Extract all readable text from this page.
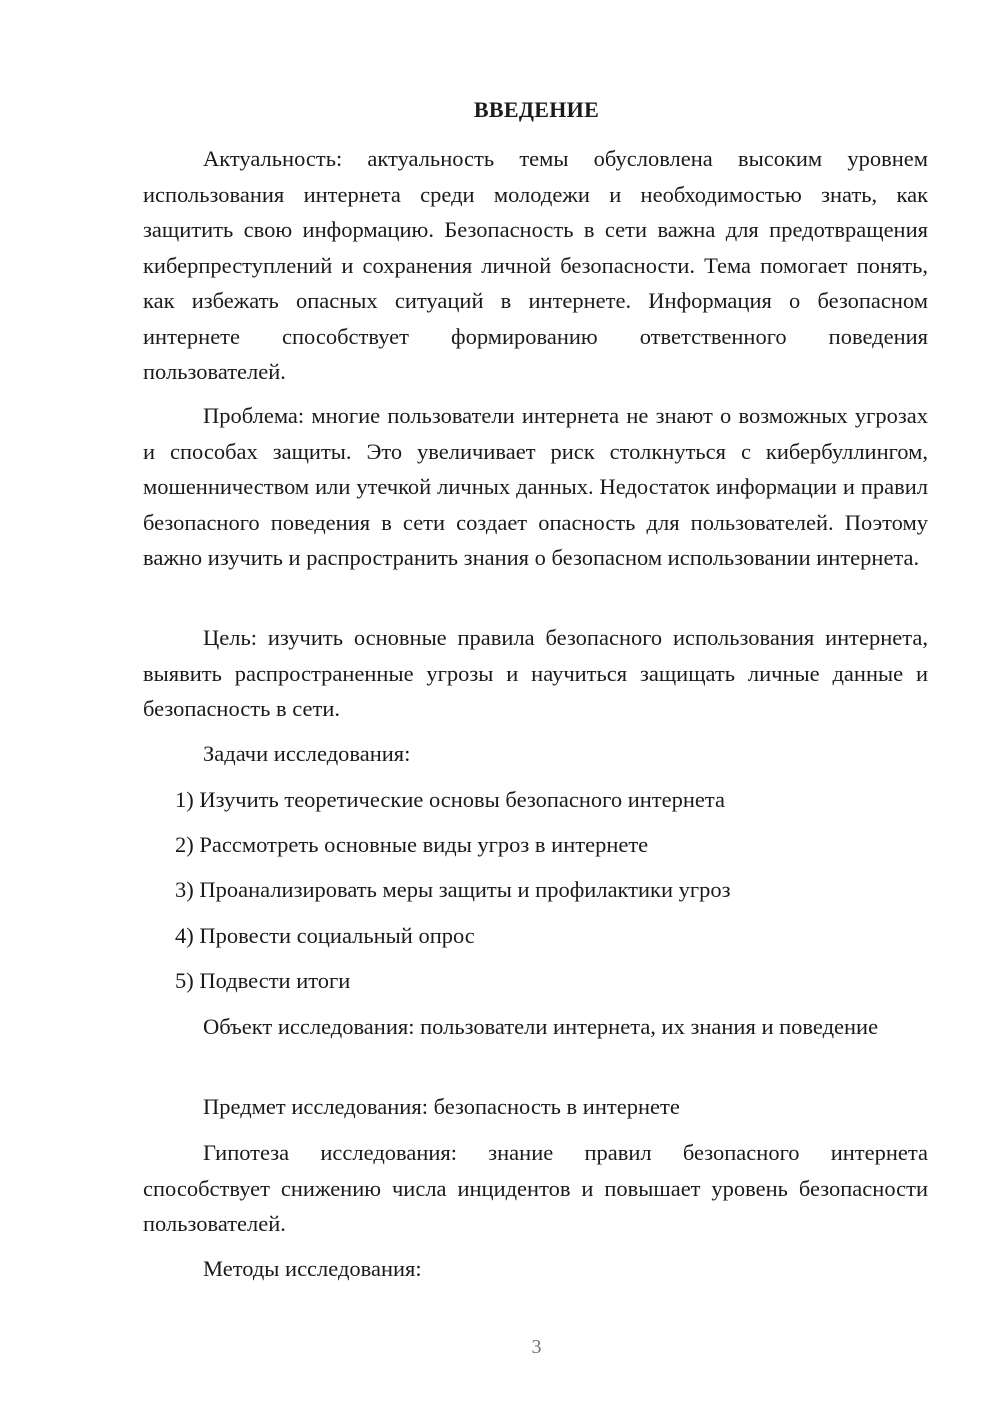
ВВЕДЕНИЕ

Актуальность: актуальность темы обусловлена высоким уровнем использования интернета среди молодежи и необходимостью знать, как защитить свою информацию. Безопасность в сети важна для предотвращения киберпреступлений и сохранения личной безопасности. Тема помогает понять, как избежать опасных ситуаций в интернете. Информация о безопасном интернете способствует формированию ответственного поведения пользователей.

Проблема: многие пользователи интернета не знают о возможных угрозах и способах защиты. Это увеличивает риск столкнуться с кибербуллингом, мошенничеством или утечкой личных данных. Недостаток информации и правил безопасного поведения в сети создает опасность для пользователей. Поэтому важно изучить и распространить знания о безопасном использовании интернета.

Цель: изучить основные правила безопасного использования интернета, выявить распространенные угрозы и научиться защищать личные данные и безопасность в сети.

Задачи исследования:

1) Изучить теоретические основы безопасного интернета
2) Рассмотреть основные виды угроз в интернете
3) Проанализировать меры защиты и профилактики угроз
4) Провести социальный опрос
5) Подвести итоги

Объект исследования: пользователи интернета, их знания и поведение

Предмет исследования: безопасность в интернете

Гипотеза исследования: знание правил безопасного интернета способствует снижению числа инцидентов и повышает уровень безопасности пользователей.

Методы исследования:

3
